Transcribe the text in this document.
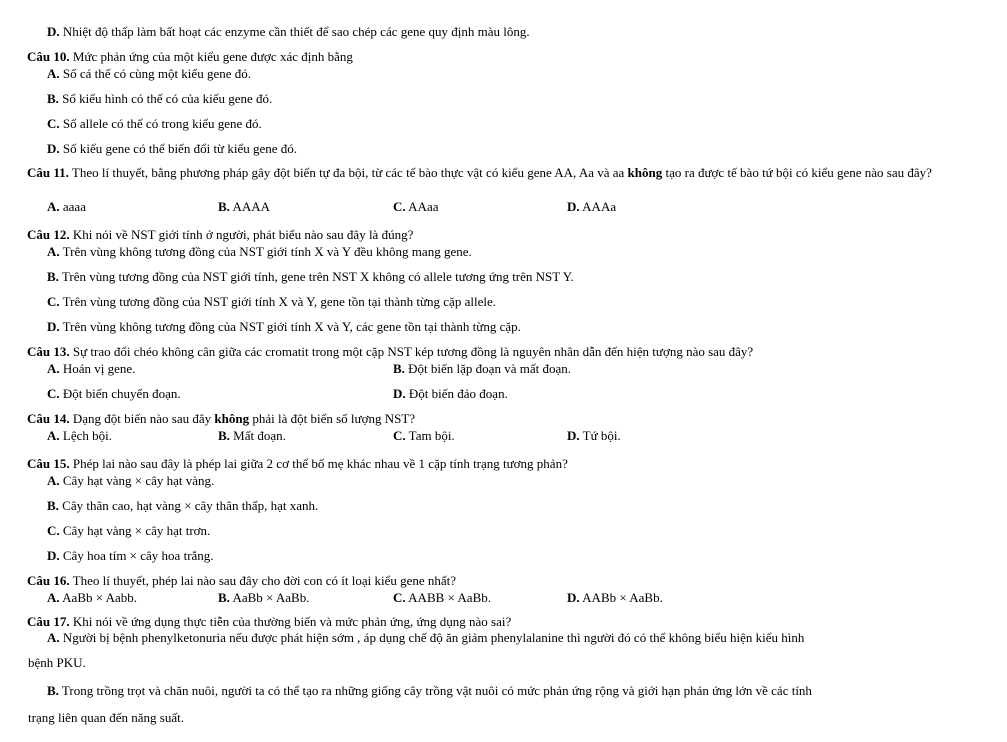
D. Nhiệt độ thấp làm bất hoạt các enzyme cần thiết để sao chép các gene quy định màu lông.
Câu 10. Mức phản ứng của một kiểu gene được xác định bằng
A. Số cá thể có cùng một kiểu gene đó.
B. Số kiểu hình có thể có của kiểu gene đó.
C. Số allele có thể có trong kiểu gene đó.
D. Số kiểu gene có thể biến đổi từ kiểu gene đó.
Câu 11. Theo lí thuyết, bằng phương pháp gây đột biến tự đa bội, từ các tế bào thực vật có kiểu gene AA, Aa và aa không tạo ra được tế bào tứ bội có kiểu gene nào sau đây?
A. aaaa	B. AAAA	C. AAaa	D. AAAa
Câu 12. Khi nói về NST giới tính ở người, phát biểu nào sau đây là đúng?
A. Trên vùng không tương đồng của NST giới tính X và Y đều không mang gene.
B. Trên vùng tương đồng của NST giới tính, gene trên NST X không có allele tương ứng trên NST Y.
C. Trên vùng tương đồng của NST giới tính X và Y, gene tồn tại thành từng cặp allele.
D. Trên vùng không tương đồng của NST giới tính X và Y, các gene tồn tại thành từng cặp.
Câu 13. Sự trao đổi chéo không cân giữa các cromatit trong một cặp NST kép tương đồng là nguyên nhân dẫn đến hiện tượng nào sau đây?
A. Hoán vị gene.	B. Đột biến lặp đoạn và mất đoạn.
C. Đột biến chuyển đoạn.	D. Đột biến đảo đoạn.
Câu 14. Dạng đột biến nào sau đây không phải là đột biến số lượng NST?
A. Lệch bội.	B. Mất đoạn.	C. Tam bội.	D. Tứ bội.
Câu 15. Phép lai nào sau đây là phép lai giữa 2 cơ thể bố mẹ khác nhau về 1 cặp tính trạng tương phản?
A. Cây hạt vàng × cây hạt vàng.
B. Cây thân cao, hạt vàng × cây thân thấp, hạt xanh.
C. Cây hạt vàng × cây hạt trơn.
D. Cây hoa tím × cây hoa trắng.
Câu 16. Theo lí thuyết, phép lai nào sau đây cho đời con có ít loại kiểu gene nhất?
A. AaBb × Aabb.	B. AaBb × AaBb.	C. AABB × AaBb.	D. AABb × AaBb.
Câu 17. Khi nói về ứng dụng thực tiễn của thường biến và mức phản ứng, ứng dụng nào sai?
A. Người bị bệnh phenylketonuria nếu được phát hiện sớm , áp dụng chế độ ăn giảm phenylalanine thì người đó có thể không biểu hiện kiểu hình
bệnh PKU.
B. Trong trồng trọt và chăn nuôi, người ta có thể tạo ra những giống cây trồng vật nuôi có mức phản ứng rộng và giới hạn phản ứng lớn về các tính
trạng liên quan đến năng suất.
